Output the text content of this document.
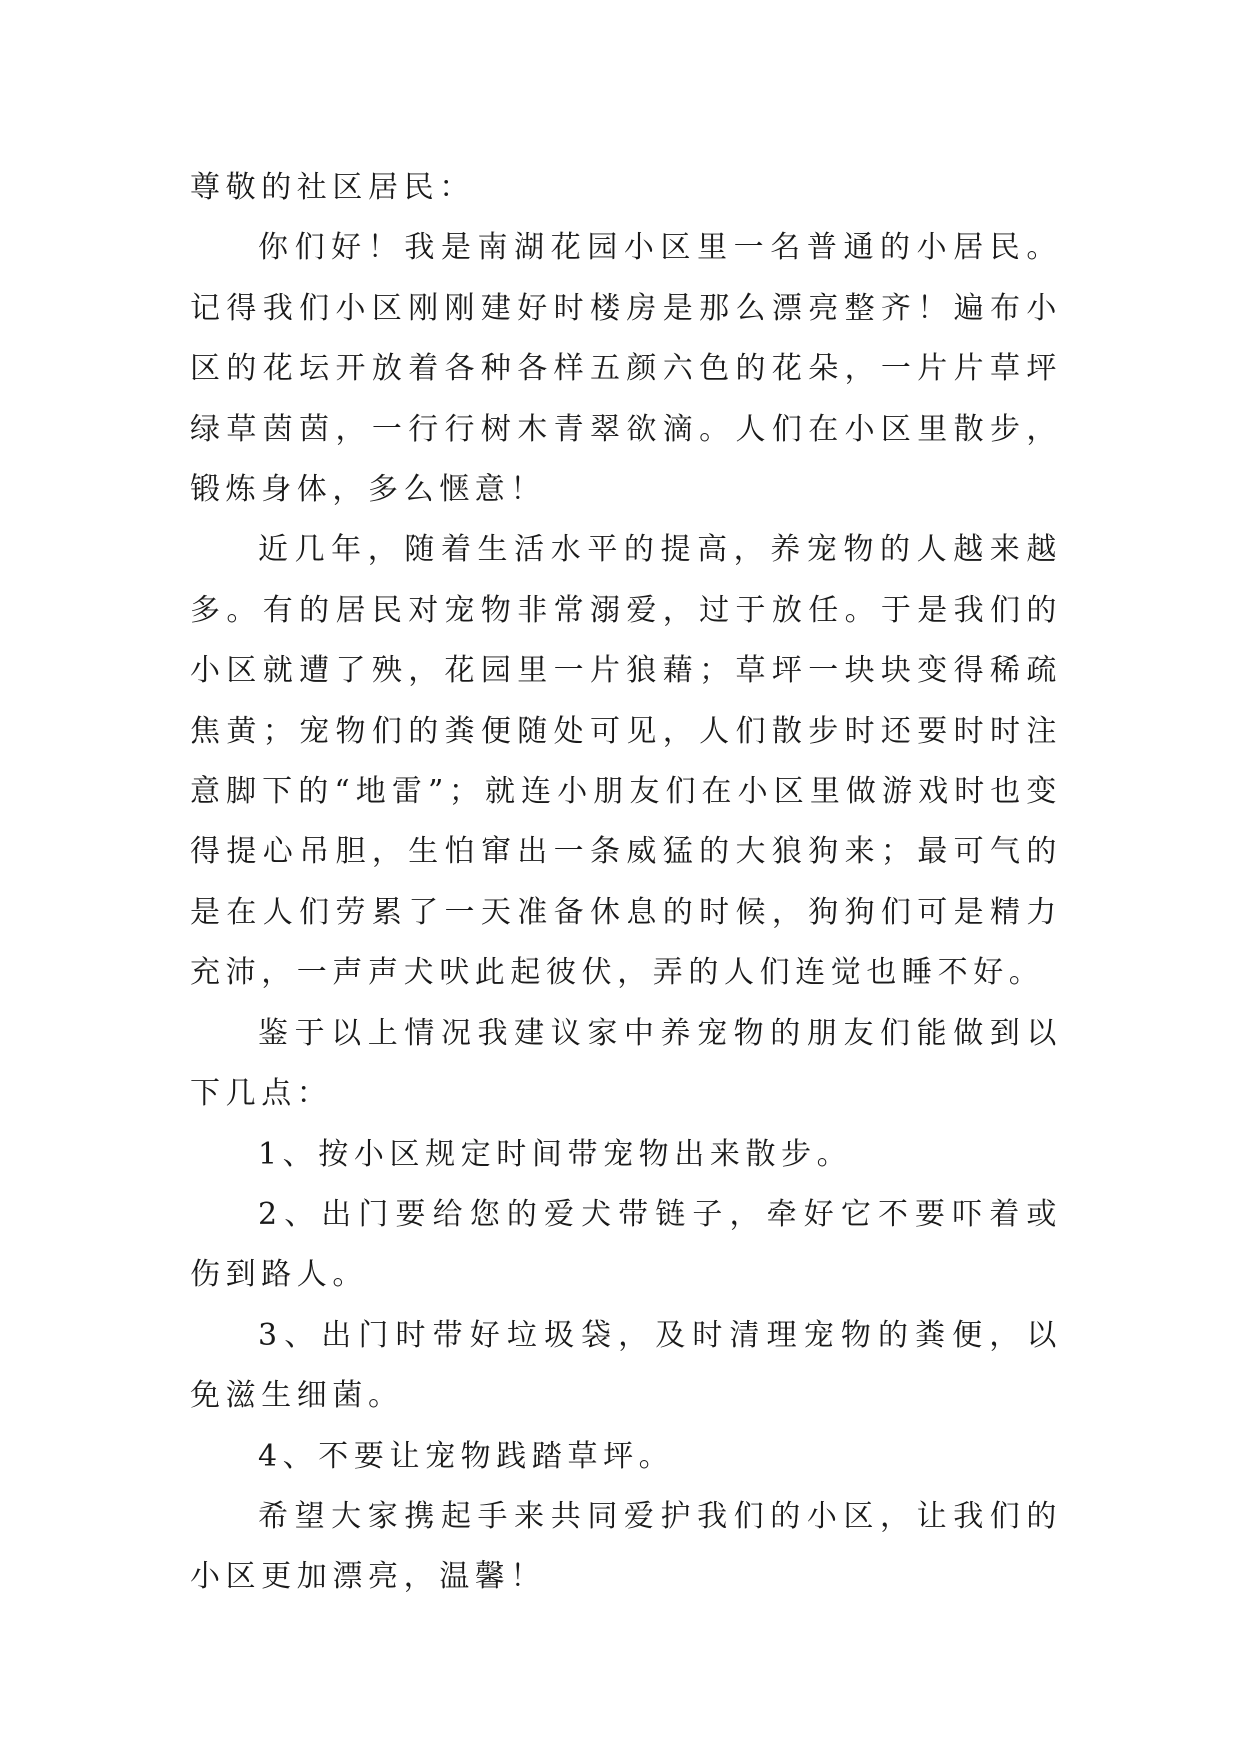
尊敬的社区居民：

你们好！我是南湖花园小区里一名普通的小居民。记得我们小区刚刚建好时楼房是那么漂亮整齐！遍布小区的花坛开放着各种各样五颜六色的花朵，一片片草坪绿草茵茵，一行行树木青翠欲滴。人们在小区里散步，锻炼身体，多么惬意！

近几年，随着生活水平的提高，养宠物的人越来越多。有的居民对宠物非常溺爱，过于放任。于是我们的小区就遭了殃，花园里一片狼藉；草坪一块块变得稀疏焦黄；宠物们的粪便随处可见，人们散步时还要时时注意脚下的“地雷”；就连小朋友们在小区里做游戏时也变得提心吊胆，生怕窜出一条威猛的大狼狗来；最可气的是在人们劳累了一天准备休息的时候，狗狗们可是精力充沛，一声声犬吠此起彼伏，弄的人们连觉也睡不好。

鉴于以上情况我建议家中养宠物的朋友们能做到以下几点：

1、按小区规定时间带宠物出来散步。

2、出门要给您的爱犬带链子，牵好它不要吓着或伤到路人。

3、出门时带好垃圾袋，及时清理宠物的粪便，以免滋生细菌。

4、不要让宠物践踏草坪。

希望大家携起手来共同爱护我们的小区，让我们的小区更加漂亮，温馨！
